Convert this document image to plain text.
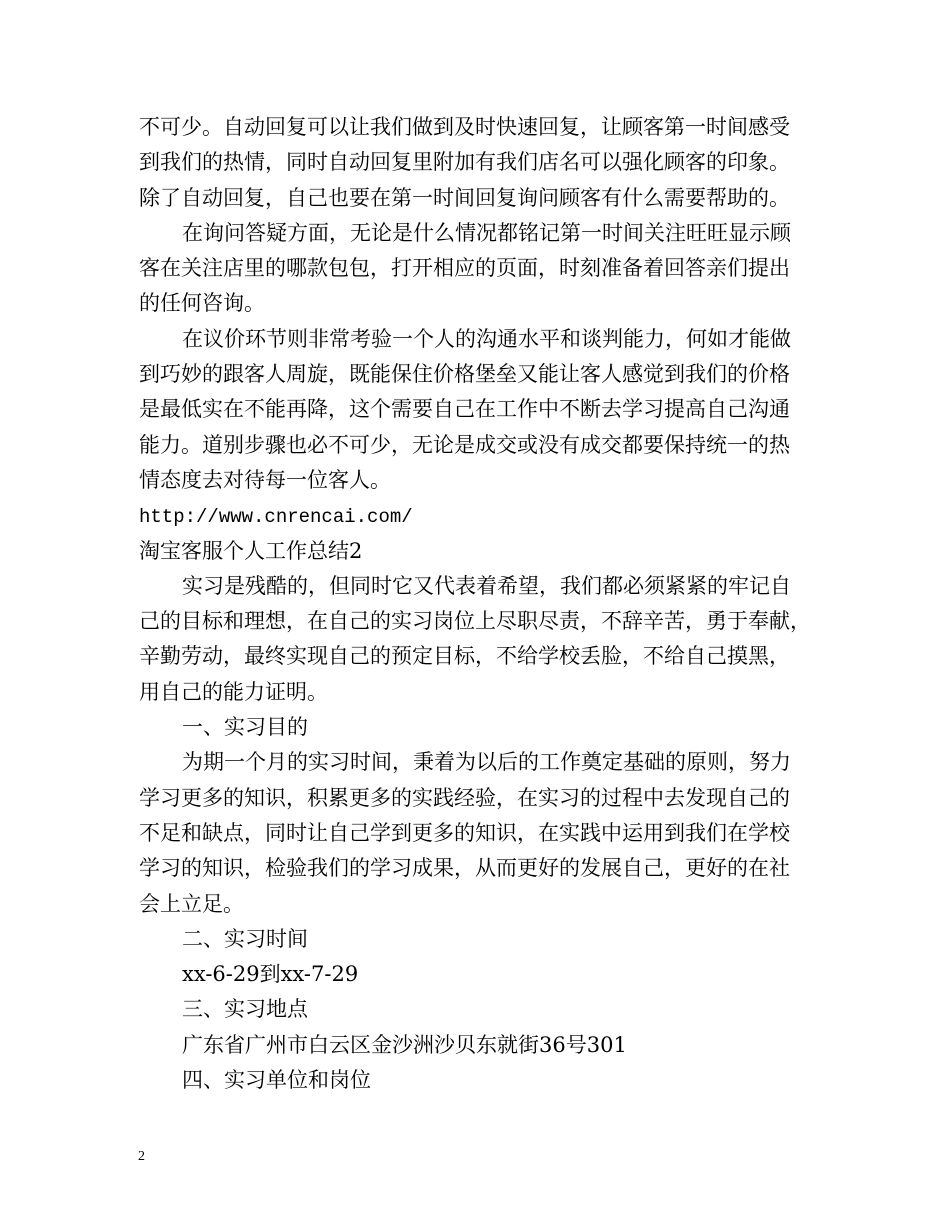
不可少。自动回复可以让我们做到及时快速回复，让顾客第一时间感受
到我们的热情，同时自动回复里附加有我们店名可以强化顾客的印象。
除了自动回复，自己也要在第一时间回复询问顾客有什么需要帮助的。
在询问答疑方面，无论是什么情况都铭记第一时间关注旺旺显示顾
客在关注店里的哪款包包，打开相应的页面，时刻准备着回答亲们提出
的任何咨询。
在议价环节则非常考验一个人的沟通水平和谈判能力，何如才能做
到巧妙的跟客人周旋，既能保住价格堡垒又能让客人感觉到我们的价格
是最低实在不能再降，这个需要自己在工作中不断去学习提高自己沟通
能力。道别步骤也必不可少，无论是成交或没有成交都要保持统一的热
情态度去对待每一位客人。
http://www.cnrencai.com/
淘宝客服个人工作总结2
实习是残酷的，但同时它又代表着希望，我们都必须紧紧的牢记自
己的目标和理想，在自己的实习岗位上尽职尽责，不辞辛苦，勇于奉献，
辛勤劳动，最终实现自己的预定目标，不给学校丢脸，不给自己摸黑，
用自己的能力证明。
一、实习目的
为期一个月的实习时间，秉着为以后的工作奠定基础的原则，努力
学习更多的知识，积累更多的实践经验，在实习的过程中去发现自己的
不足和缺点，同时让自己学到更多的知识，在实践中运用到我们在学校
学习的知识，检验我们的学习成果，从而更好的发展自己，更好的在社
会上立足。
二、实习时间
xx-6-29到xx-7-29
三、实习地点
广东省广州市白云区金沙洲沙贝东就街36号301
四、实习单位和岗位
2
